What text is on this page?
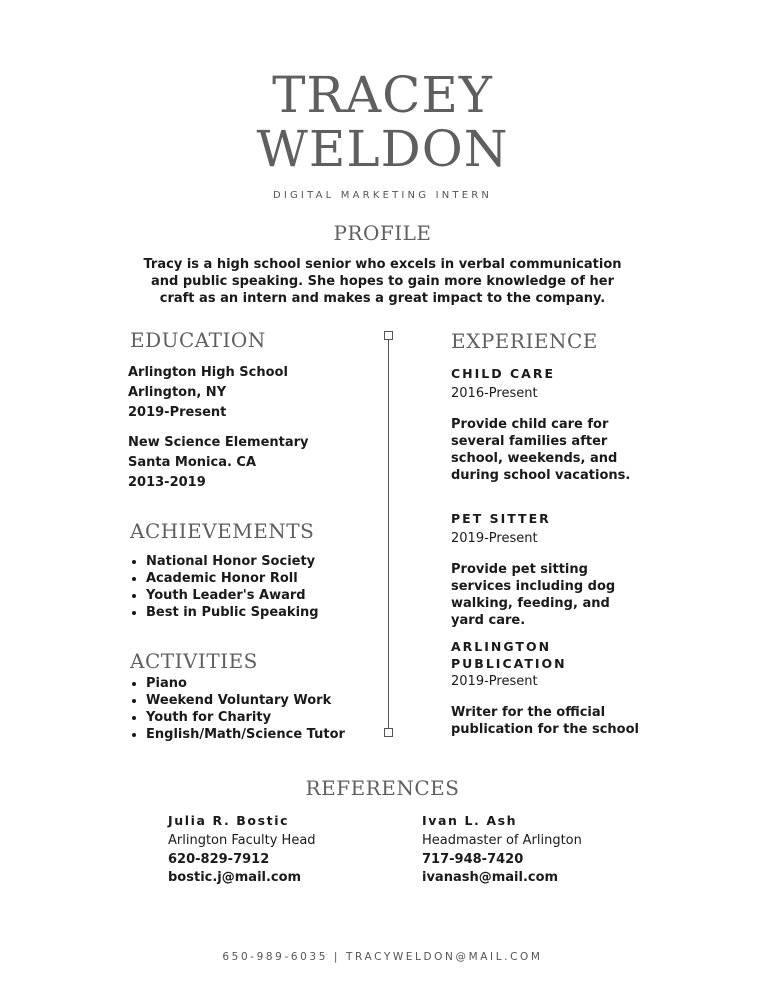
TRACEY
WELDON
DIGITAL MARKETING INTERN
PROFILE
Tracy is a high school senior who excels in verbal communication and public speaking. She hopes to gain more knowledge of her craft as an intern and makes a great impact to the company.
EDUCATION
Arlington High School
Arlington, NY
2019-Present
New Science Elementary
Santa Monica. CA
2013-2019
ACHIEVEMENTS
• National Honor Society
• Academic Honor Roll
• Youth Leader's Award
• Best in Public Speaking
ACTIVITIES
• Piano
• Weekend Voluntary Work
• Youth for Charity
• English/Math/Science Tutor
EXPERIENCE
CHILD CARE
2016-Present
Provide child care for several families after school, weekends, and during school vacations.
PET SITTER
2019-Present
Provide pet sitting services including dog walking, feeding, and yard care.
ARLINGTON
PUBLICATION
2019-Present
Writer for the official publication for the school
REFERENCES
Julia R. Bostic
Arlington Faculty Head
620-829-7912
bostic.j@mail.com
Ivan L. Ash
Headmaster of Arlington
717-948-7420
ivanash@mail.com
650-989-6035 | TRACYWELDON@MAIL.COM
